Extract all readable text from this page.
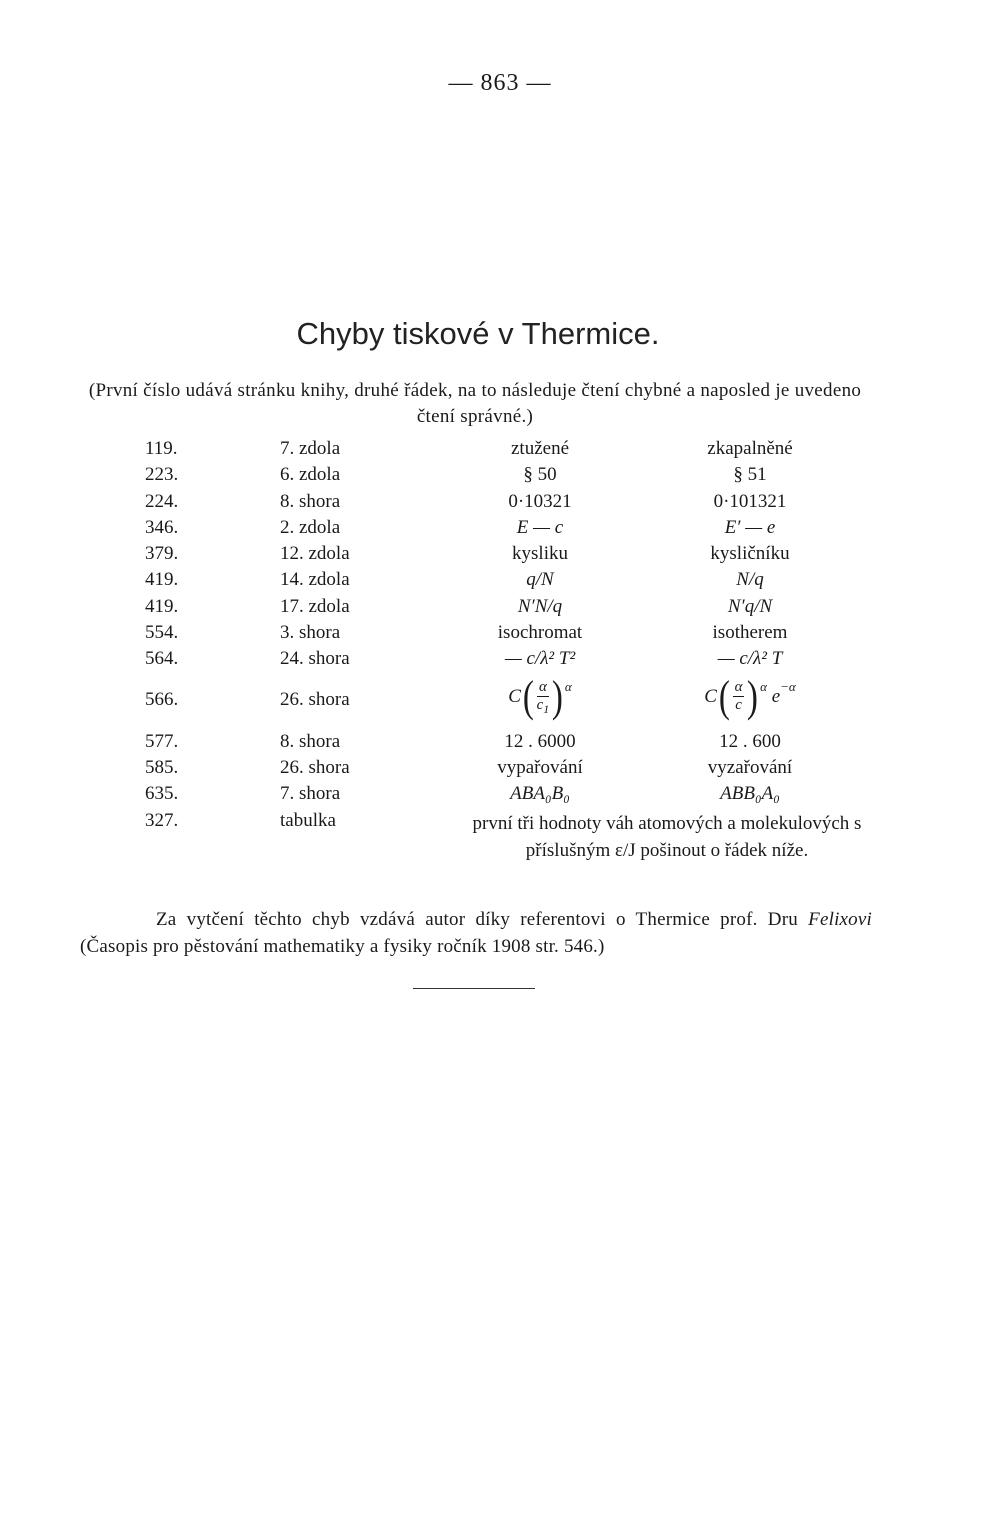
— 863 —
Chyby tiskové v Thermice.
(První číslo udává stránku knihy, druhé řádek, na to následuje čtení chybné a naposled je uvedeno čtení správné.)
119.	7. zdola	ztužené	zkapalněné
223.	6. zdola	§ 50	§ 51
224.	8. shora	0·10321	0·101321
346.	2. zdola	E — c	E′ — e
379.	12. zdola	kysliku	kysličníku
419.	14. zdola	q/N	N/q
419.	17. zdola	N′N/q	N′q/N
554.	3. shora	isochromat	isotherem
564.	24. shora	— c/λ² T²	— c/λ² T
566.	26. shora	C ( $\frac{\alpha}{c_1}$ ) α	C ( $\frac{\alpha}{c}$ ) α e −α
577.	8. shora	12 . 6000	12 . 600
585.	26. shora	vypařování	vyzařování
635.	7. shora	ABA₀B₀	ABB₀A₀
327.	tabulka	první tři hodnoty váh atomových a molekulových s příslušným ε/J pošinout o řádek níže.
Za vytčení těchto chyb vzdává autor díky referentovi o Thermice prof. Dru Felixovi (Časopis pro pěstování mathematiky a fysiky ročník 1908 str. 546.)
